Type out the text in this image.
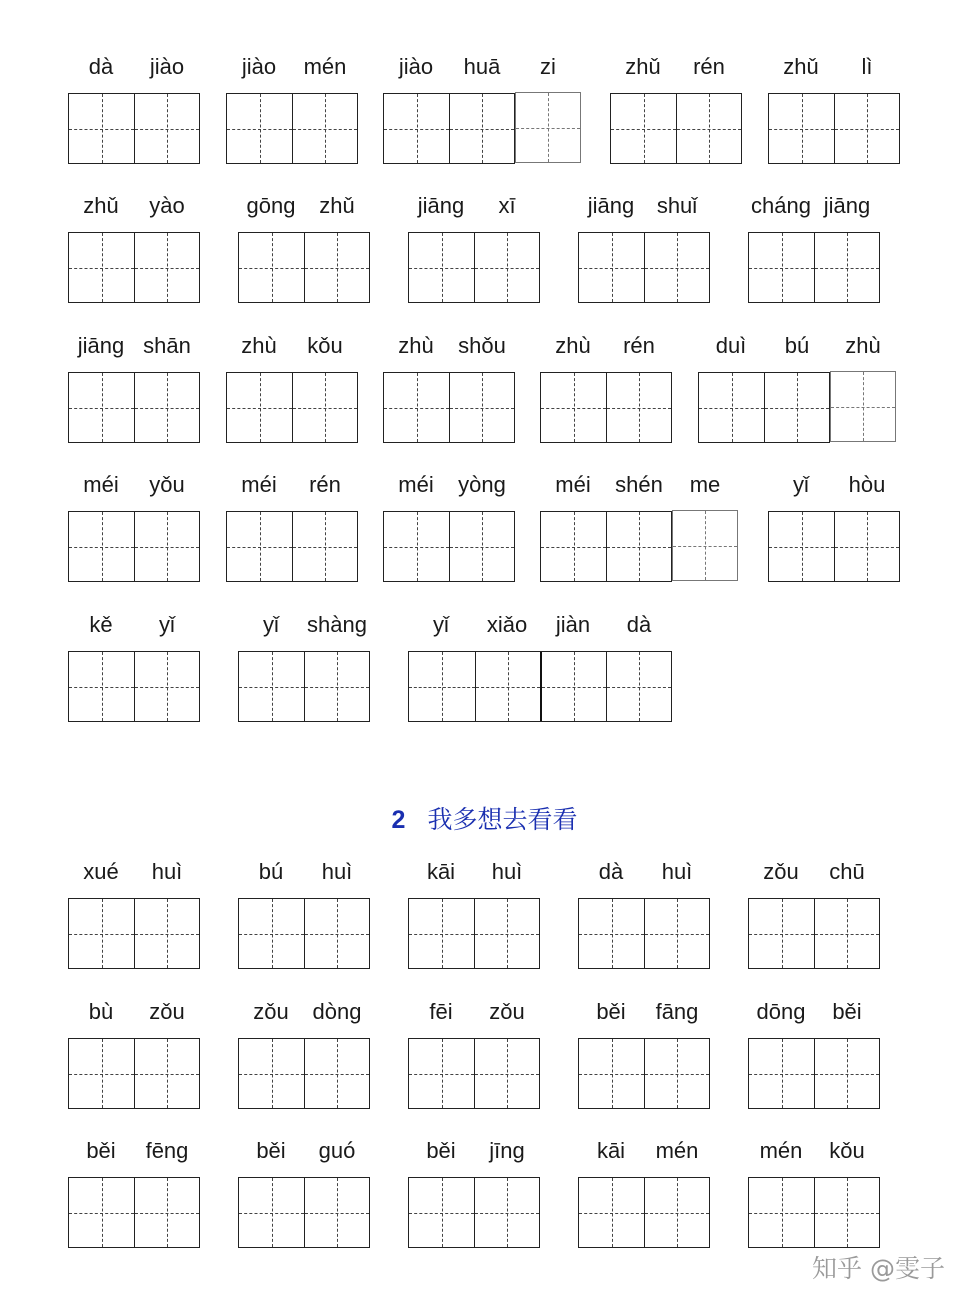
dà jiào	jiào mén jiào huā zi	zhǔ rén	zhǔ lì
zhǔ yào	gōng zhǔ	jiāng xī	jiāng shuǐ cháng jiāng
jiāng shān zhù kǒu	zhù shǒu zhù rén	duì bú zhù
méi yǒu	méi rén	méi yòng méi shén me	yǐ hòu
kě yǐ	yǐ shàng	yǐ xiǎo jiàn dà
xué huì	bú huì	kāi huì	dà huì	zǒu chū
bù zǒu	zǒu dòng	fēi zǒu	běi fāng	dōng běi
běi fēng	běi guó	běi jīng	kāi mén	mén kǒu
2 我多想去看看
知乎 @雯子
